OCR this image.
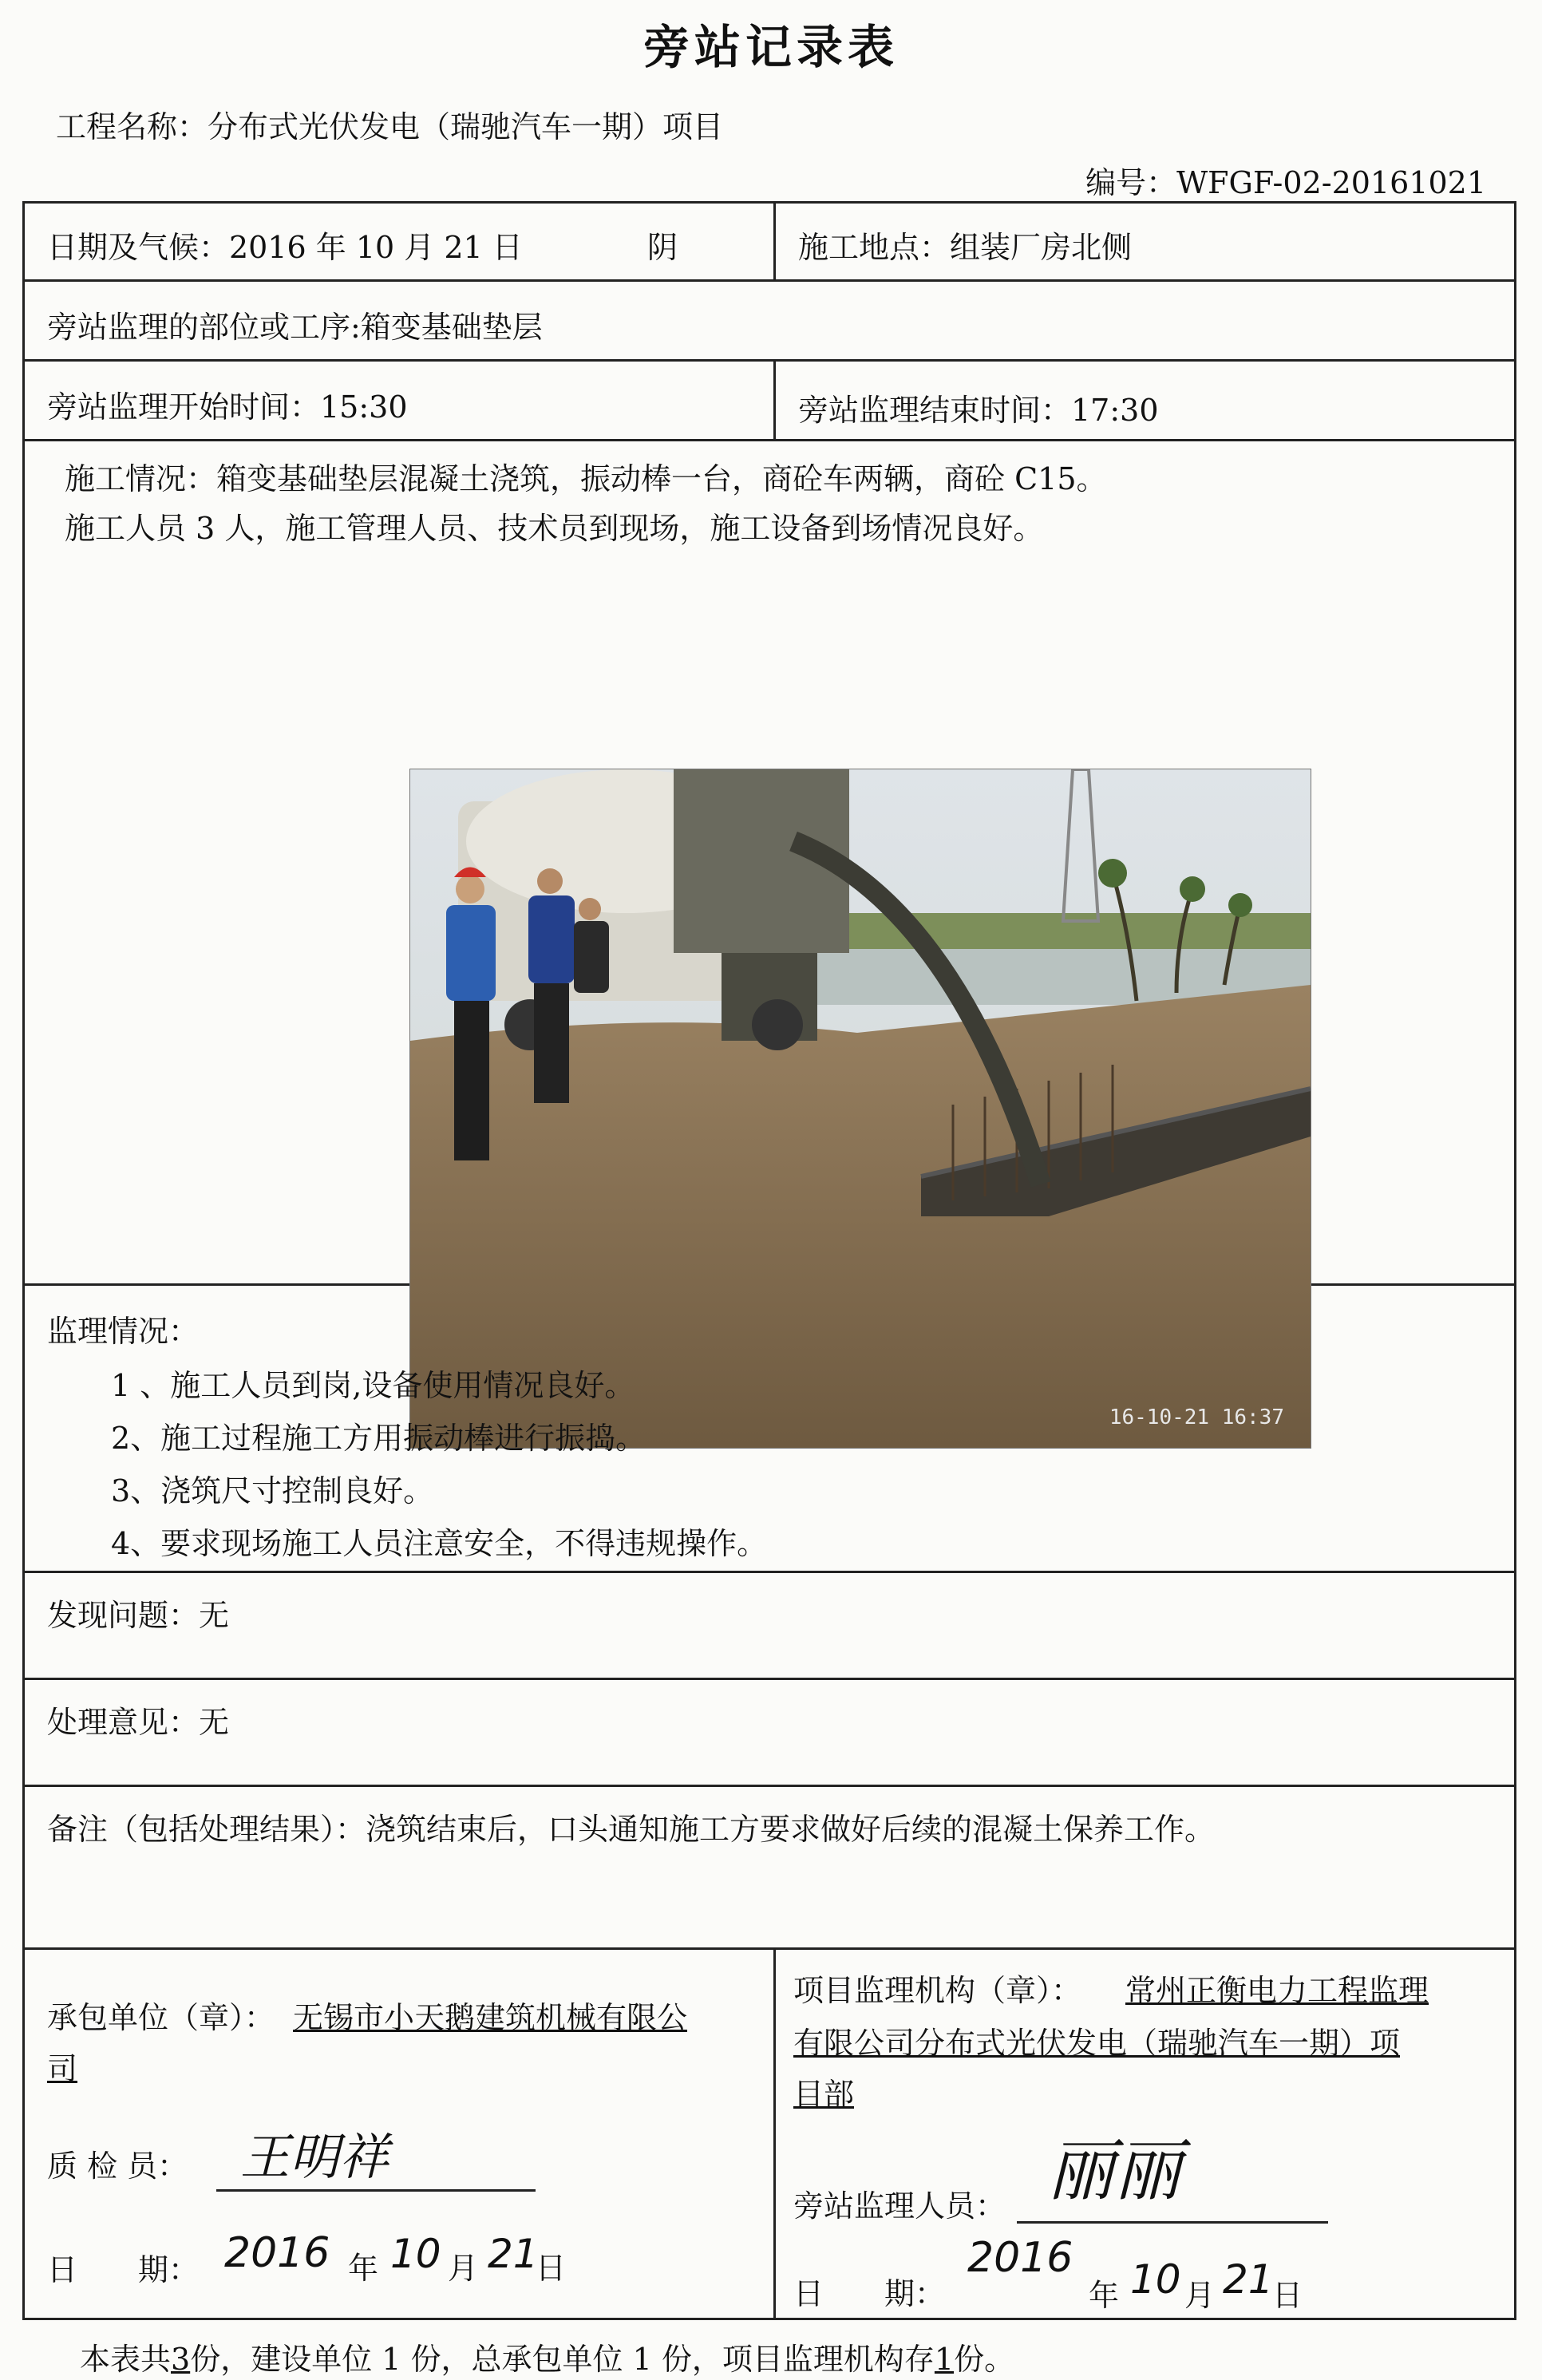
旁站记录表
工程名称：分布式光伏发电（瑞驰汽车一期）项目
编号：WFGF-02-20161021
日期及气候：2016 年 10 月 21 日	阴	施工地点：组装厂房北侧
旁站监理的部位或工序:箱变基础垫层
旁站监理开始时间：15:30	旁站监理结束时间：17:30
施工情况：箱变基础垫层混凝土浇筑，振动棒一台，商砼车两辆，商砼 C15。
施工人员 3 人，施工管理人员、技术员到现场，施工设备到场情况良好。
16-10-21 16:37
监理情况：
1 、施工人员到岗,设备使用情况良好。
2、施工过程施工方用振动棒进行振捣。
3、浇筑尺寸控制良好。
4、要求现场施工人员注意安全，不得违规操作。
发现问题：无
处理意见：无
备注（包括处理结果）：浇筑结束后，口头通知施工方要求做好后续的混凝土保养工作。
承包单位（章）： 无锡市小天鹅建筑机械有限公
司
质 检 员： 王明祥
日　　期： 2016 年 10 月 21
日
项目监理机构（章）： 常州正衡电力工程监理
有限公司分布式光伏发电（瑞驰汽车一期）项
目部
旁站监理人员： 丽丽
日　　期：
2016
年 10 月 21
日
本表共3份，建设单位 1 份，总承包单位 1 份，项目监理机构存1份。
